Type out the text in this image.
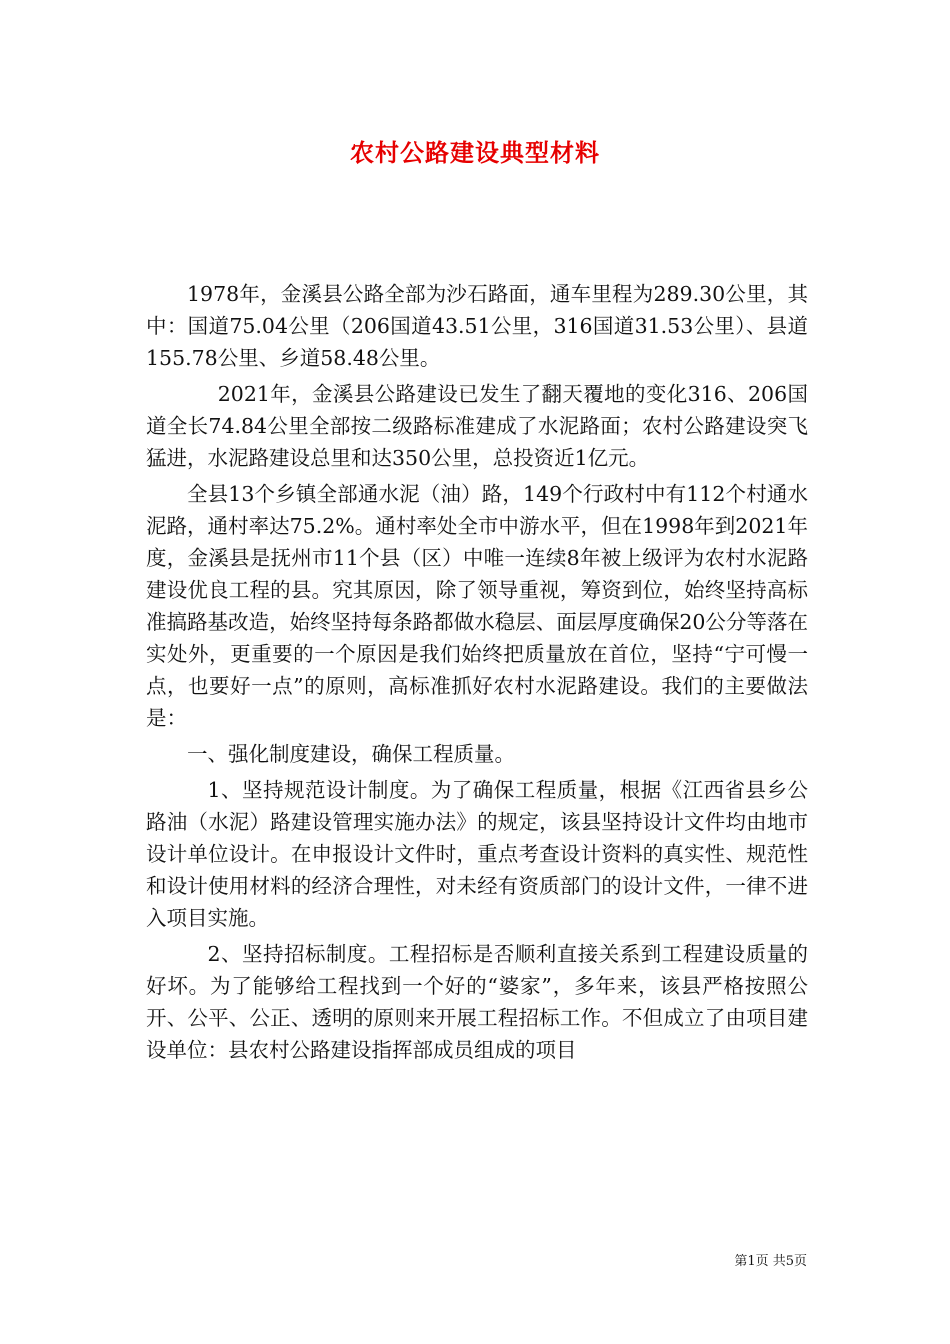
农村公路建设典型材料

1978年，金溪县公路全部为沙石路面，通车里程为289.30公里，其中：国道75.04公里（206国道43.51公里，316国道31.53公里）、县道155.78公里、乡道58.48公里。

2021年，金溪县公路建设已发生了翻天覆地的变化316、206国道全长74.84公里全部按二级路标准建成了水泥路面；农村公路建设突飞猛进，水泥路建设总里和达350公里，总投资近1亿元。

全县13个乡镇全部通水泥（油）路，149个行政村中有112个村通水泥路，通村率达75.2%。通村率处全市中游水平，但在1998年到2021年度，金溪县是抚州市11个县（区）中唯一连续8年被上级评为农村水泥路建设优良工程的县。究其原因，除了领导重视，筹资到位，始终坚持高标准搞路基改造，始终坚持每条路都做水稳层、面层厚度确保20公分等落在实处外，更重要的一个原因是我们始终把质量放在首位，坚持“宁可慢一点，也要好一点”的原则，高标准抓好农村水泥路建设。我们的主要做法是：

一、强化制度建设，确保工程质量。

1、坚持规范设计制度。为了确保工程质量，根据《江西省县乡公路油（水泥）路建设管理实施办法》的规定，该县坚持设计文件均由地市设计单位设计。在申报设计文件时，重点考查设计资料的真实性、规范性和设计使用材料的经济合理性，对未经有资质部门的设计文件，一律不进入项目实施。

2、坚持招标制度。工程招标是否顺利直接关系到工程建设质量的好坏。为了能够给工程找到一个好的“婆家”，多年来，该县严格按照公开、公平、公正、透明的原则来开展工程招标工作。不但成立了由项目建设单位：县农村公路建设指挥部成员组成的项目

第1页 共5页
